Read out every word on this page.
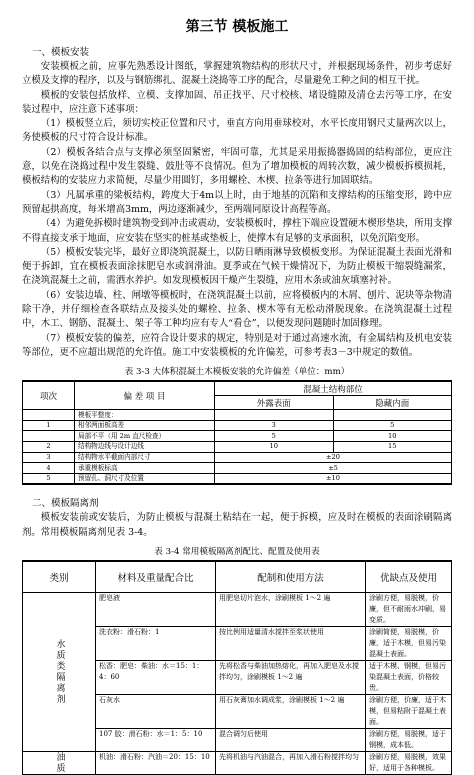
第三节 模板施工
一、模板安装

安装模板之前，应事先熟悉设计图纸，掌握建筑物结构的形状尺寸，并根据现场条件，初步考虑好立模及支撑的程序，以及与钢筋绑扎、混凝土浇捣等工序的配合，尽量避免工种之间的相互干扰。

模板的安装包括放样、立模、支撑加固、吊正找平、尺寸校核、堵设缝隙及清仓去污等工序，在安装过程中，应注意下述事项：

（1）模板竖立后，须切实校正位置和尺寸，垂直方向用垂球校对，水平长度用钢尺丈量两次以上，务使模板的尺寸符合设计标准。

（2）模板各结合点与支撑必须坚固紧密，牢固可靠，尤其是采用振捣器捣固的结构部位，更应注意，以免在浇捣过程中发生裂缝、鼓肚等不良情况。但为了增加模板的周转次数，减少模板拆模损耗，模板结构的安装应力求简便，尽量少用圆钉，多用螺栓、木楔、拉条等进行加固联结。

（3）凡属承重的梁板结构，跨度大于4m以上时，由于地基的沉陷和支撑结构的压缩变形，跨中应预留起拱高度，每米增高3mm，两边逐渐减少，至两端同原设计高程等高。

（4）为避免拆模时建筑物受到冲击或震动，安装模板时，撑柱下端应设置硬木楔形垫块，所用支撑不得直接支承于地面，应安装在坚实的桩基或垫板上，使撑木有足够的支承面积，以免沉陷变形。

（5）模板安装完毕，最好立即浇筑混凝土，以防日晒雨淋导致模板变形。为保证混凝土表面光滑和便于拆卸，宜在模板表面涂抹肥皂水或润滑油。夏季或在气候干燥情况下，为防止模板干缩裂缝漏浆，在浇筑混凝土之前，需洒水养护。如发现模板因干燥产生裂缝，应用木条或油灰填塞衬补。

（6）安装边墙、柱、闸墩等模板时，在浇筑混凝土以前，应将模板内的木屑、刨片、泥块等杂物清除干净，并仔细检查各联结点及接头处的螺栓、拉条、楔木等有无松动滑脱现象。在浇筑混凝土过程中，木工、钢筋、混凝土、架子等工种均应有专人“看仓”，以便发现问题随时加固修理。

（7）模板安装的偏差，应符合设计要求的规定，特别是对于通过高速水流，有金属结构及机电安装等部位，更不应超出规范的允许值。施工中安装模板的允许偏差，可参考表3－3中规定的数值。

表 3-3 大体积混凝土木模板安装的允许偏差（单位：mm）
项次	偏 差 项 目	混凝土结构部位	
		外露表面	隐藏内面
	模板平整度：		
1	相邻两面板高差	3	5
	局部不平（用 2m 直尺检查）	5	10
2	结构物边线与设计边线	10	15
3	结构物水平截面内部尺寸	±20	
4	承重模板标高	±5	
5	预留孔、洞尺寸及位置	±10	
二、模板隔离剂

模板安装前或安装后，为防止模板与混凝土粘结在一起，便于拆模，应及时在模板的表面涂刷隔离剂。常用模板隔离剂见表 3-4。

表 3-4 常用模板隔离剂配比、配置及使用表
类别	材料及重量配合比	配制和使用方法	优缺点及使用
水质类隔离剂	肥皂液	用肥皂切片泡水，涂刷模板 1～2 遍	涂刷方便，易脱模，价廉，但不耐雨水冲刷，易变质。
	洗衣粉：滑石粉：1	按比例用适量清水搅拌至浆状使用	涂刷简便，易脱模，价廉，适于木模，但易污染混凝土表面。
	松香：肥皂：柴油：水＝15：1：4：60	先将松香与柴油加热熔化，再加入肥皂及水搅拌均匀，涂刷模板 1～2 遍	适于木模、钢模，但易污染混凝土表面，价格较贵。
	石灰水	用石灰膏加水调成浆，涂刷模板 1～2 遍	涂刷方便，价廉，适于木模，但易粘附于混凝土表面。
	107 胶：滑石粉：水＝1：5：10	混合调匀后使用	涂刷方便，易脱模，适于钢模，成本低。
油质	机油：滑石粉：汽油＝20：15：10	先将机油与汽油混合，再加入滑石粉搅拌均匀	涂刷方便，易脱模，效果好，适用于各种模板。
